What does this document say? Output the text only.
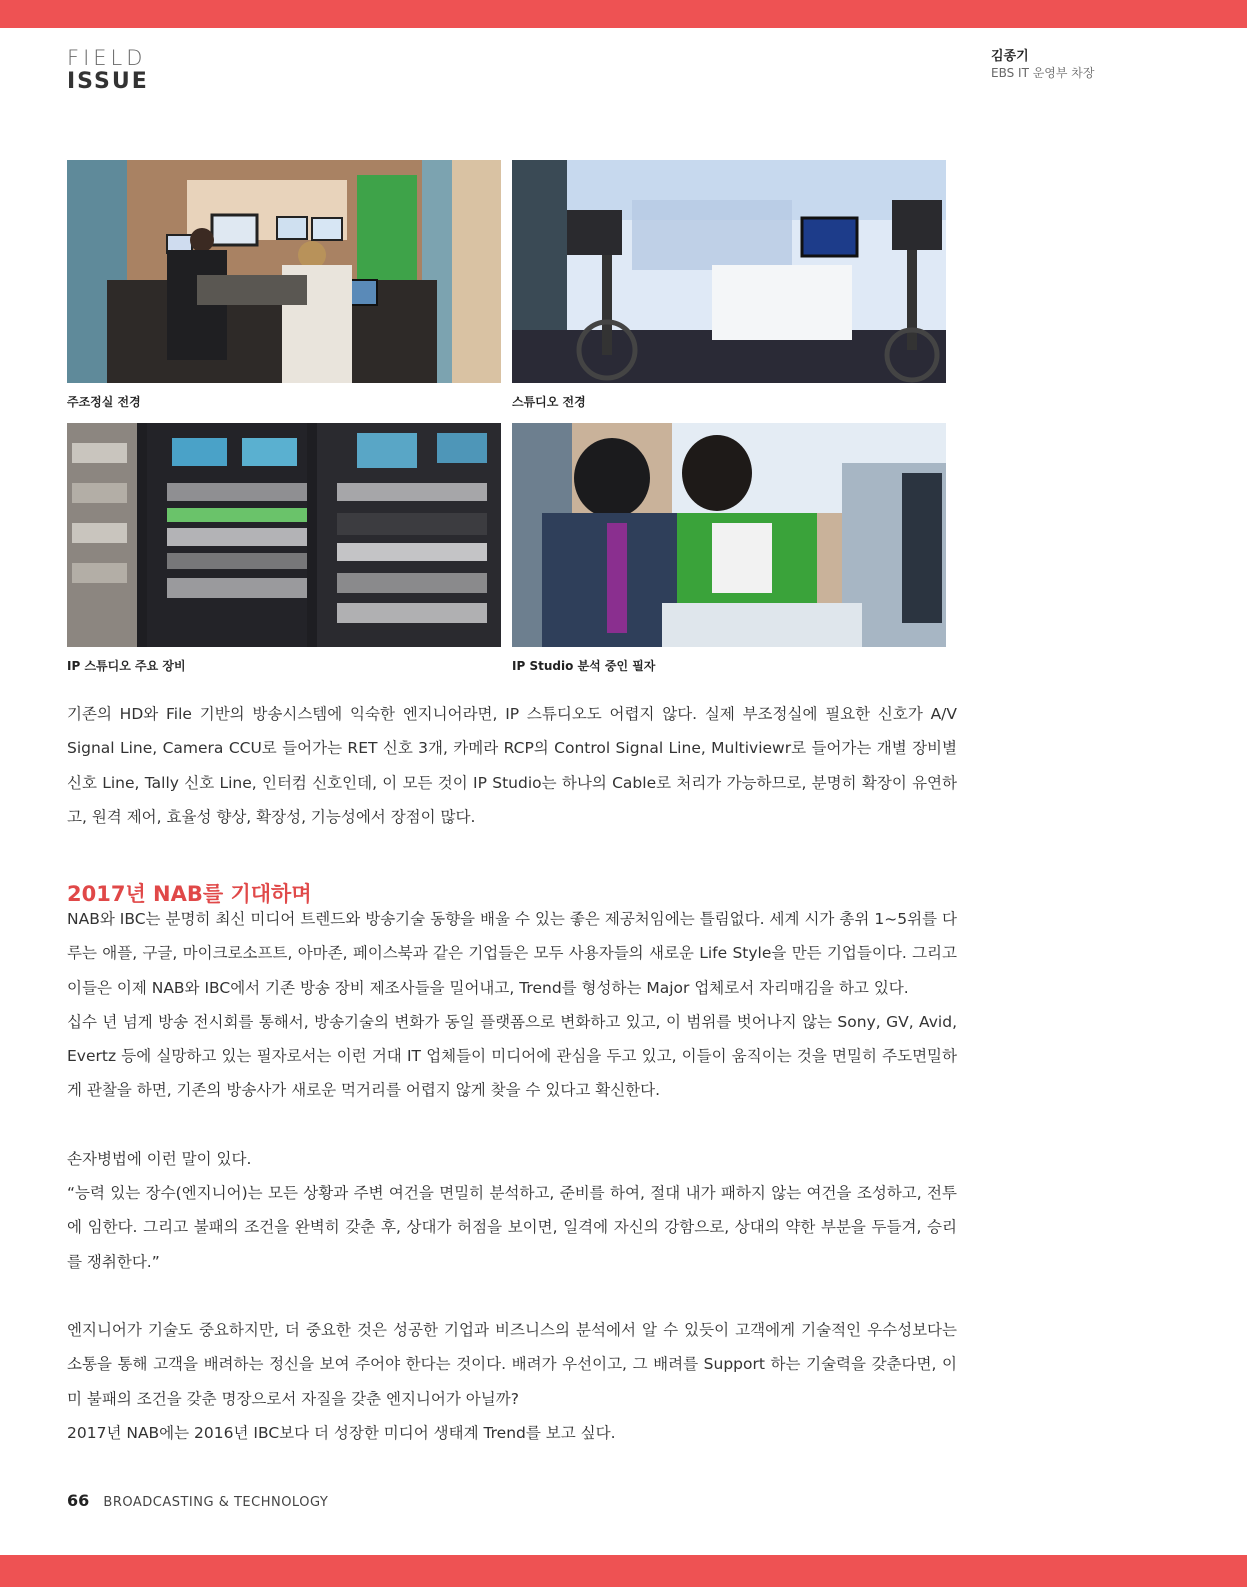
FIELD
ISSUE
김종기
EBS IT 운영부 차장
주조정실 전경	스튜디오 전경
IP 스튜디오 주요 장비	IP Studio 분석 중인 필자

기존의 HD와 File 기반의 방송시스템에 익숙한 엔지니어라면, IP 스튜디오도 어렵지 않다. 실제 부조정실에 필요한 신호가 A/V Signal Line, Camera CCU로 들어가는 RET 신호 3개, 카메라 RCP의 Control Signal Line, Multiviewr로 들어가는 개별 장비별 신호 Line, Tally 신호 Line, 인터컴 신호인데, 이 모든 것이 IP Studio는 하나의 Cable로 처리가 가능하므로, 분명히 확장이 유연하고, 원격 제어, 효율성 향상, 확장성, 기능성에서 장점이 많다.

2017년 NAB를 기대하며

NAB와 IBC는 분명히 최신 미디어 트렌드와 방송기술 동향을 배울 수 있는 좋은 제공처임에는 틀림없다. 세계 시가 총위 1~5위를 다루는 애플, 구글, 마이크로소프트, 아마존, 페이스북과 같은 기업들은 모두 사용자들의 새로운 Life Style을 만든 기업들이다. 그리고 이들은 이제 NAB와 IBC에서 기존 방송 장비 제조사들을 밀어내고, Trend를 형성하는 Major 업체로서 자리매김을 하고 있다.

십수 년 넘게 방송 전시회를 통해서, 방송기술의 변화가 동일 플랫폼으로 변화하고 있고, 이 범위를 벗어나지 않는 Sony, GV, Avid, Evertz 등에 실망하고 있는 필자로서는 이런 거대 IT 업체들이 미디어에 관심을 두고 있고, 이들이 움직이는 것을 면밀히 주도면밀하게 관찰을 하면, 기존의 방송사가 새로운 먹거리를 어렵지 않게 찾을 수 있다고 확신한다.

손자병법에 이런 말이 있다.

“능력 있는 장수(엔지니어)는 모든 상황과 주변 여건을 면밀히 분석하고, 준비를 하여, 절대 내가 패하지 않는 여건을 조성하고, 전투에 임한다. 그리고 불패의 조건을 완벽히 갖춘 후, 상대가 허점을 보이면, 일격에 자신의 강함으로, 상대의 약한 부분을 두들겨, 승리를 쟁취한다.”

엔지니어가 기술도 중요하지만, 더 중요한 것은 성공한 기업과 비즈니스의 분석에서 알 수 있듯이 고객에게 기술적인 우수성보다는 소통을 통해 고객을 배려하는 정신을 보여 주어야 한다는 것이다. 배려가 우선이고, 그 배려를 Support 하는 기술력을 갖춘다면, 이미 불패의 조건을 갖춘 명장으로서 자질을 갖춘 엔지니어가 아닐까?

2017년 NAB에는 2016년 IBC보다 더 성장한 미디어 생태계 Trend를 보고 싶다.

66 BROADCASTING & TECHNOLOGY
